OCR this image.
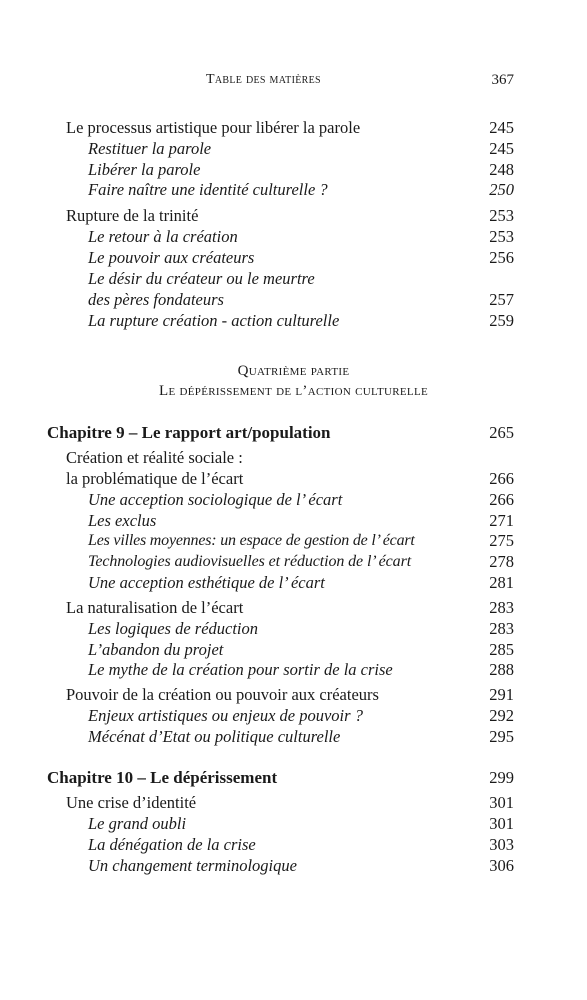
Table des matières	367
Le processus artistique pour libérer la parole	245
Restituer la parole	245
Libérer la parole	248
Faire naître une identité culturelle ?	250
Rupture de la trinité	253
Le retour à la création	253
Le pouvoir aux créateurs	256
Le désir du créateur ou le meurtre
des pères fondateurs	257
La rupture création - action culturelle	259
Quatrième partie
Le dépérissement de l’action culturelle
Chapitre 9 – Le rapport art/population	265
Création et réalité sociale :
la problématique de l’écart	266
Une acception sociologique de l’ écart	266
Les exclus	271
Les villes moyennes: un espace de gestion de l’ écart	275
Technologies audiovisuelles et réduction de l’ écart	278
Une acception esthétique de l’ écart	281
La naturalisation de l’écart	283
Les logiques de réduction	283
L’abandon du projet	285
Le mythe de la création pour sortir de la crise	288
Pouvoir de la création ou pouvoir aux créateurs	291
Enjeux artistiques ou enjeux de pouvoir ?	292
Mécénat d’Etat ou politique culturelle	295
Chapitre 10 – Le dépérissement	299
Une crise d’identité	301
Le grand oubli	301
La dénégation de la crise	303
Un changement terminologique	306
